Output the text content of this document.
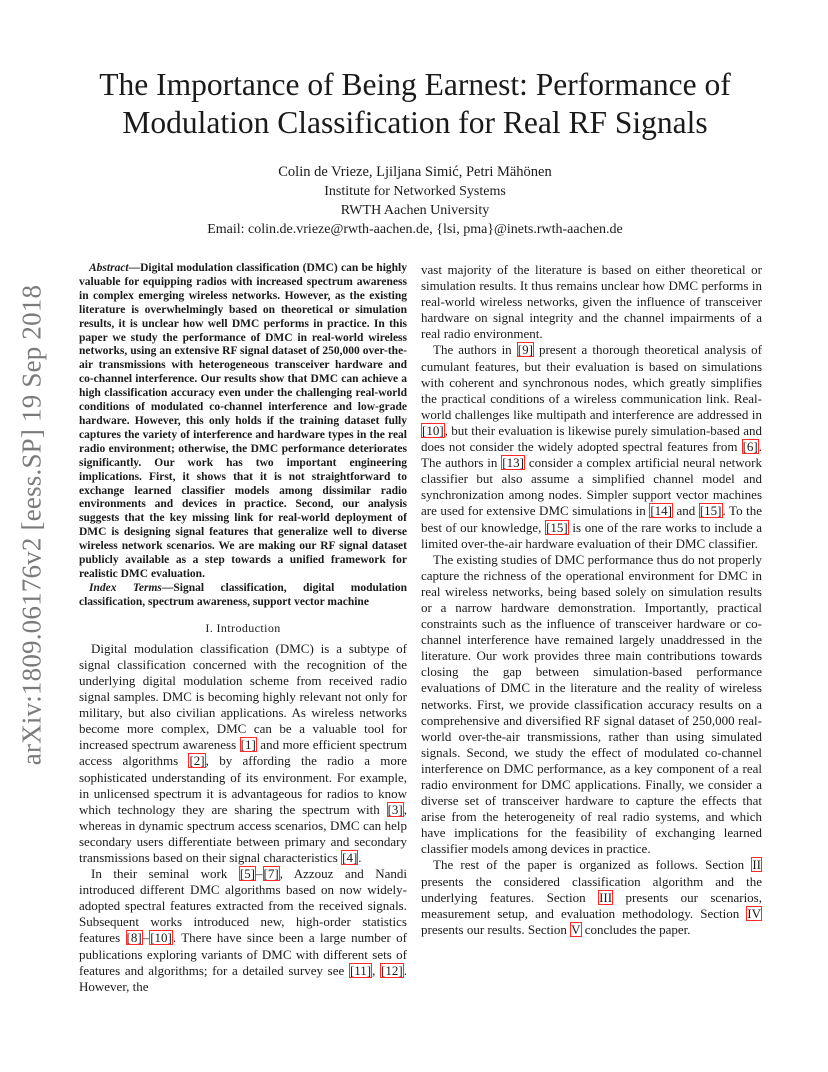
arXiv:1809.06176v2 [eess.SP] 19 Sep 2018
The Importance of Being Earnest: Performance of
Modulation Classification for Real RF Signals
Colin de Vrieze, Ljiljana Simić, Petri Mähönen
Institute for Networked Systems
RWTH Aachen University
Email: colin.de.vrieze@rwth-aachen.de, {lsi, pma}@inets.rwth-aachen.de

Abstract—Digital modulation classification (DMC) can be highly valuable for equipping radios with increased spectrum awareness in complex emerging wireless networks. However, as the existing literature is overwhelmingly based on theoretical or simulation results, it is unclear how well DMC performs in practice. In this paper we study the performance of DMC in real-world wireless networks, using an extensive RF signal dataset of 250,000 over-the-air transmissions with heterogeneous transceiver hardware and co-channel interference. Our results show that DMC can achieve a high classification accuracy even under the challenging real-world conditions of modulated co-channel interference and low-grade hardware. However, this only holds if the training dataset fully captures the variety of interference and hardware types in the real radio environment; otherwise, the DMC performance deteriorates significantly. Our work has two important engineering implications. First, it shows that it is not straightforward to exchange learned classifier models among dissimilar radio environments and devices in practice. Second, our analysis suggests that the key missing link for real-world deployment of DMC is designing signal features that generalize well to diverse wireless network scenarios. We are making our RF signal dataset publicly available as a step towards a unified framework for realistic DMC evaluation.

Index Terms—Signal classification, digital modulation classification, spectrum awareness, support vector machine

I. Introduction

Digital modulation classification (DMC) is a subtype of signal classification concerned with the recognition of the underlying digital modulation scheme from received radio signal samples. DMC is becoming highly relevant not only for military, but also civilian applications. As wireless networks become more complex, DMC can be a valuable tool for increased spectrum awareness [1] and more efficient spectrum access algorithms [2], by affording the radio a more sophisticated understanding of its environment. For example, in unlicensed spectrum it is advantageous for radios to know which technology they are sharing the spectrum with [3], whereas in dynamic spectrum access scenarios, DMC can help secondary users differentiate between primary and secondary transmissions based on their signal characteristics [4].

In their seminal work [5]–[7], Azzouz and Nandi introduced different DMC algorithms based on now widely-adopted spectral features extracted from the received signals. Subsequent works introduced new, high-order statistics features [8]–[10]. There have since been a large number of publications exploring variants of DMC with different sets of features and algorithms; for a detailed survey see [11], [12]. However, the

vast majority of the literature is based on either theoretical or simulation results. It thus remains unclear how DMC performs in real-world wireless networks, given the influence of transceiver hardware on signal integrity and the channel impairments of a real radio environment.

The authors in [9] present a thorough theoretical analysis of cumulant features, but their evaluation is based on simulations with coherent and synchronous nodes, which greatly simplifies the practical conditions of a wireless communication link. Real-world challenges like multipath and interference are addressed in [10], but their evaluation is likewise purely simulation-based and does not consider the widely adopted spectral features from [6]. The authors in [13] consider a complex artificial neural network classifier but also assume a simplified channel model and synchronization among nodes. Simpler support vector machines are used for extensive DMC simulations in [14] and [15]. To the best of our knowledge, [15] is one of the rare works to include a limited over-the-air hardware evaluation of their DMC classifier.

The existing studies of DMC performance thus do not properly capture the richness of the operational environment for DMC in real wireless networks, being based solely on simulation results or a narrow hardware demonstration. Importantly, practical constraints such as the influence of transceiver hardware or co-channel interference have remained largely unaddressed in the literature. Our work provides three main contributions towards closing the gap between simulation-based performance evaluations of DMC in the literature and the reality of wireless networks. First, we provide classification accuracy results on a comprehensive and diversified RF signal dataset of 250,000 real-world over-the-air transmissions, rather than using simulated signals. Second, we study the effect of modulated co-channel interference on DMC performance, as a key component of a real radio environment for DMC applications. Finally, we consider a diverse set of transceiver hardware to capture the effects that arise from the heterogeneity of real radio systems, and which have implications for the feasibility of exchanging learned classifier models among devices in practice.

The rest of the paper is organized as follows. Section II presents the considered classification algorithm and the underlying features. Section III presents our scenarios, measurement setup, and evaluation methodology. Section IV presents our results. Section V concludes the paper.
